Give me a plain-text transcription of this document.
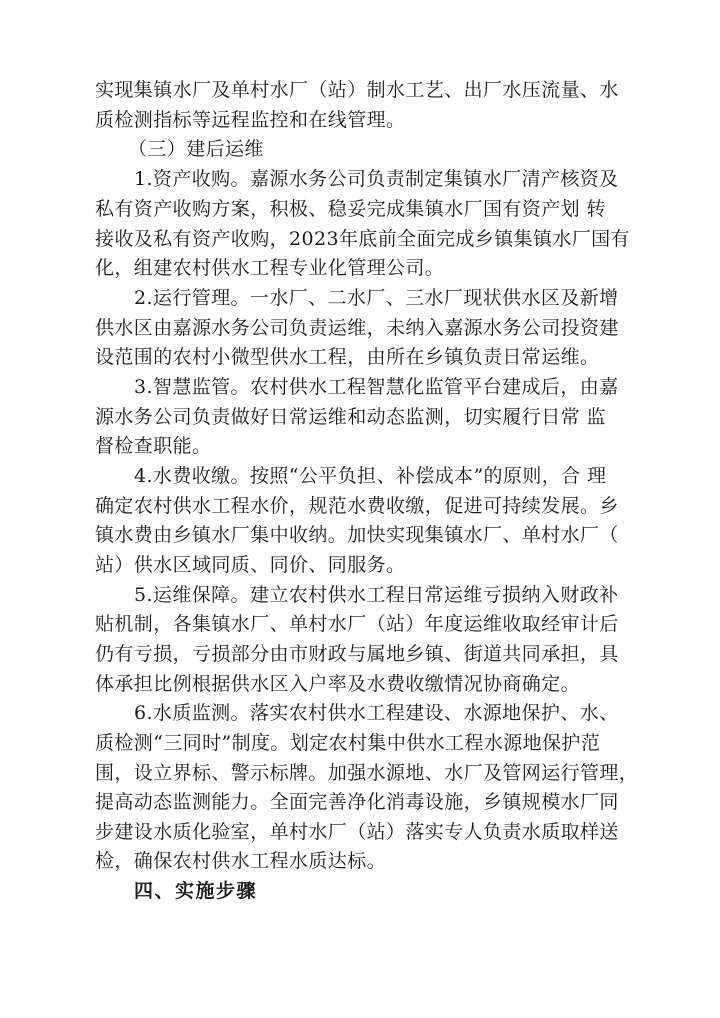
实现集镇水厂及单村水厂（站）制水工艺、出厂水压流量、水
质检测指标等远程监控和在线管理。
（三）建后运维
1.资产收购。嘉源水务公司负责制定集镇水厂清产核资及
私有资产收购方案，积极、稳妥完成集镇水厂国有资产划 转
接收及私有资产收购，2023年底前全面完成乡镇集镇水厂国有
化，组建农村供水工程专业化管理公司。
2.运行管理。一水厂、二水厂、三水厂现状供水区及新增
供水区由嘉源水务公司负责运维，未纳入嘉源水务公司投资建
设范围的农村小微型供水工程，由所在乡镇负责日常运维。
3.智慧监管。农村供水工程智慧化监管平台建成后，由嘉
源水务公司负责做好日常运维和动态监测，切实履行日常 监
督检查职能。
4.水费收缴。按照“公平负担、补偿成本”的原则，合 理
确定农村供水工程水价，规范水费收缴，促进可持续发展。乡
镇水费由乡镇水厂集中收纳。加快实现集镇水厂、单村水厂（
站）供水区域同质、同价、同服务。
5.运维保障。建立农村供水工程日常运维亏损纳入财政补
贴机制，各集镇水厂、单村水厂（站）年度运维收取经审计后
仍有亏损，亏损部分由市财政与属地乡镇、街道共同承担，具
体承担比例根据供水区入户率及水费收缴情况协商确定。
6.水质监测。落实农村供水工程建设、水源地保护、水、
质检测“三同时”制度。划定农村集中供水工程水源地保护范
围，设立界标、警示标牌。加强水源地、水厂及管网运行管理，
提高动态监测能力。全面完善净化消毒设施，乡镇规模水厂同
步建设水质化验室，单村水厂（站）落实专人负责水质取样送
检，确保农村供水工程水质达标。
四、实施步骤
